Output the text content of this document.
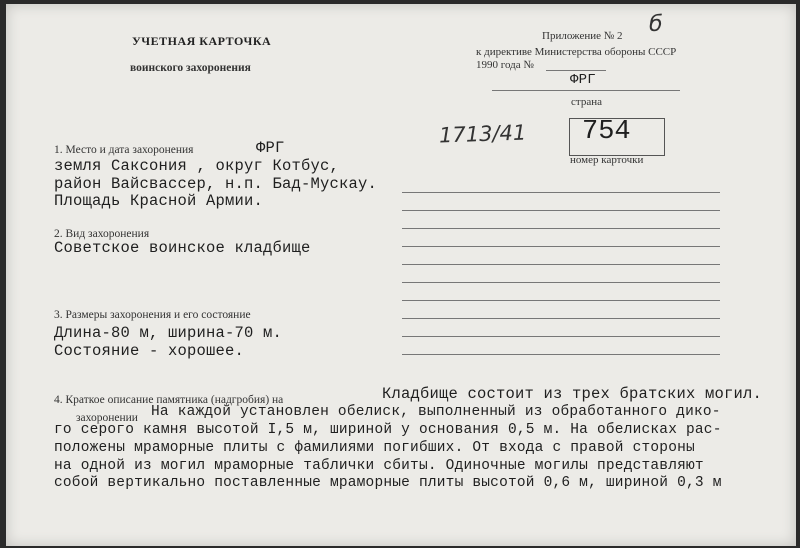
УЧЕТНАЯ КАРТОЧКА
воинского захоронения
Приложение № 2 б
к директиве Министерства обороны СССР
1990 года №
ФРГ
страна
1713/41 754
номер карточки
1. Место и дата захоронения	ФРГ
земля Саксония , округ Котбус,
район Вайсвассер, н.п. Бад-Мускау.
Площадь Красной Армии.
2. Вид захоронения
Советское воинское кладбище
3. Размеры захоронения и его состояние
Длина-80 м, ширина-70 м.
Состояние - хорошее.
4. Краткое описание памятника (надгробия) на	Кладбище состоит из трех братских могил.
захоронении На каждой установлен обелиск, выполненный из обработанного дико-
го серого камня высотой I,5 м, шириной у основания 0,5 м. На обелисках рас-
положены мраморные плиты с фамилиями погибших. От входа с правой стороны
на одной из могил мраморные таблички сбиты. Одиночные могилы представляют
собой вертикально поставленные мраморные плиты высотой 0,6 м, шириной 0,3 м
